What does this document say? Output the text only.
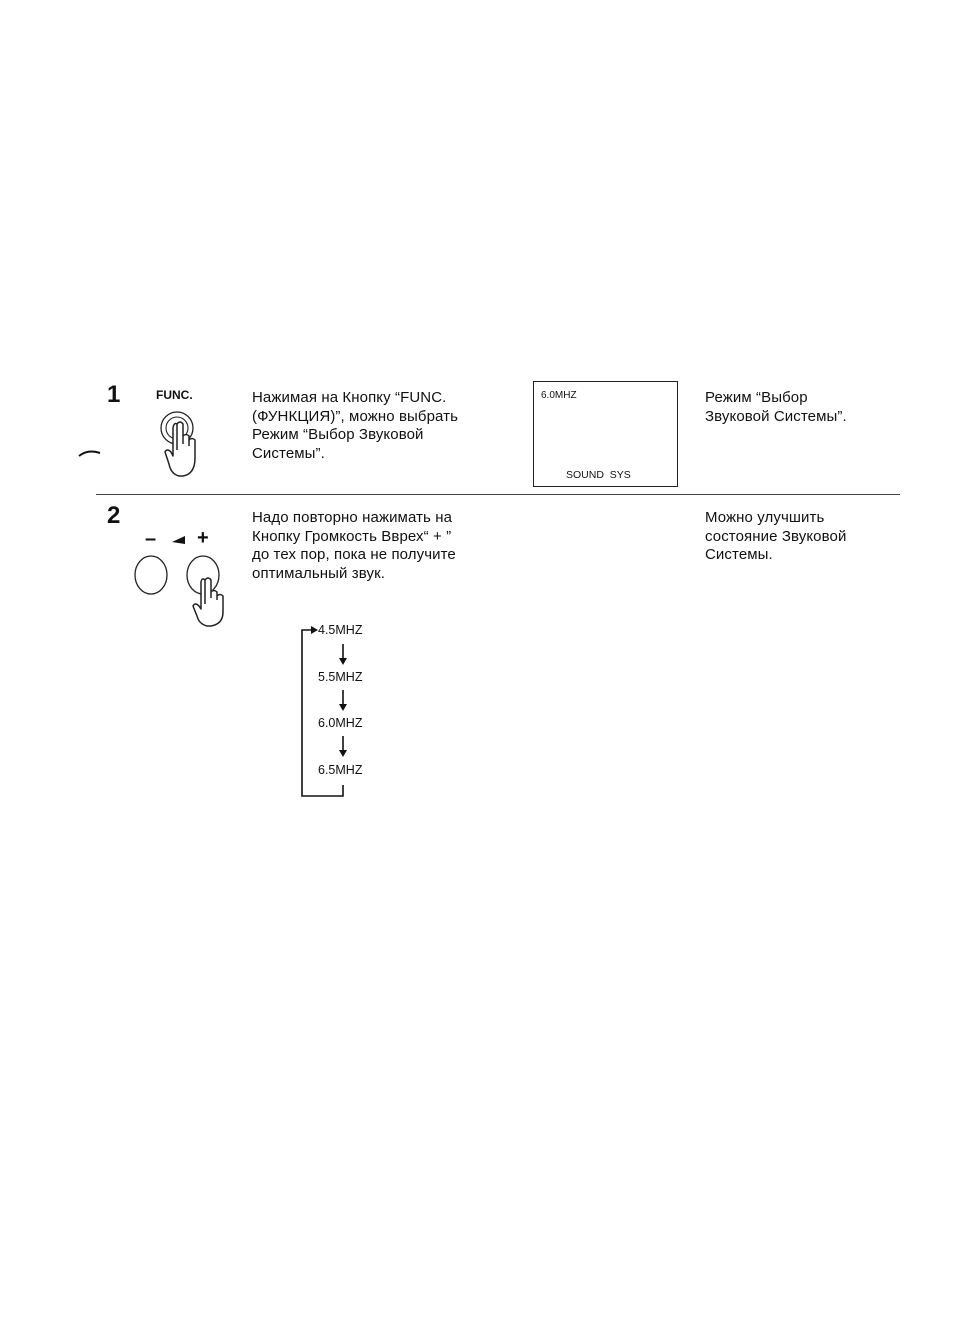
1	FUNC.	Нажимая на Кнопку “FUNC.
(ФУНКЦИЯ)”, можно выбрать
Режим “Выбор Звуковой
Системы”.
6.0MHZ
SOUND  SYS
Режим “Выбор
Звуковой Системы”.
2
– +
Надо повторно нажимать на
Кнопку Громкость Вврех“ + ”
до тех пор, пока не получите
оптимальный звук.
Можно улучшить
состояние Звуковой
Системы.
4.5MHZ
5.5MHZ
6.0MHZ
6.5MHZ
